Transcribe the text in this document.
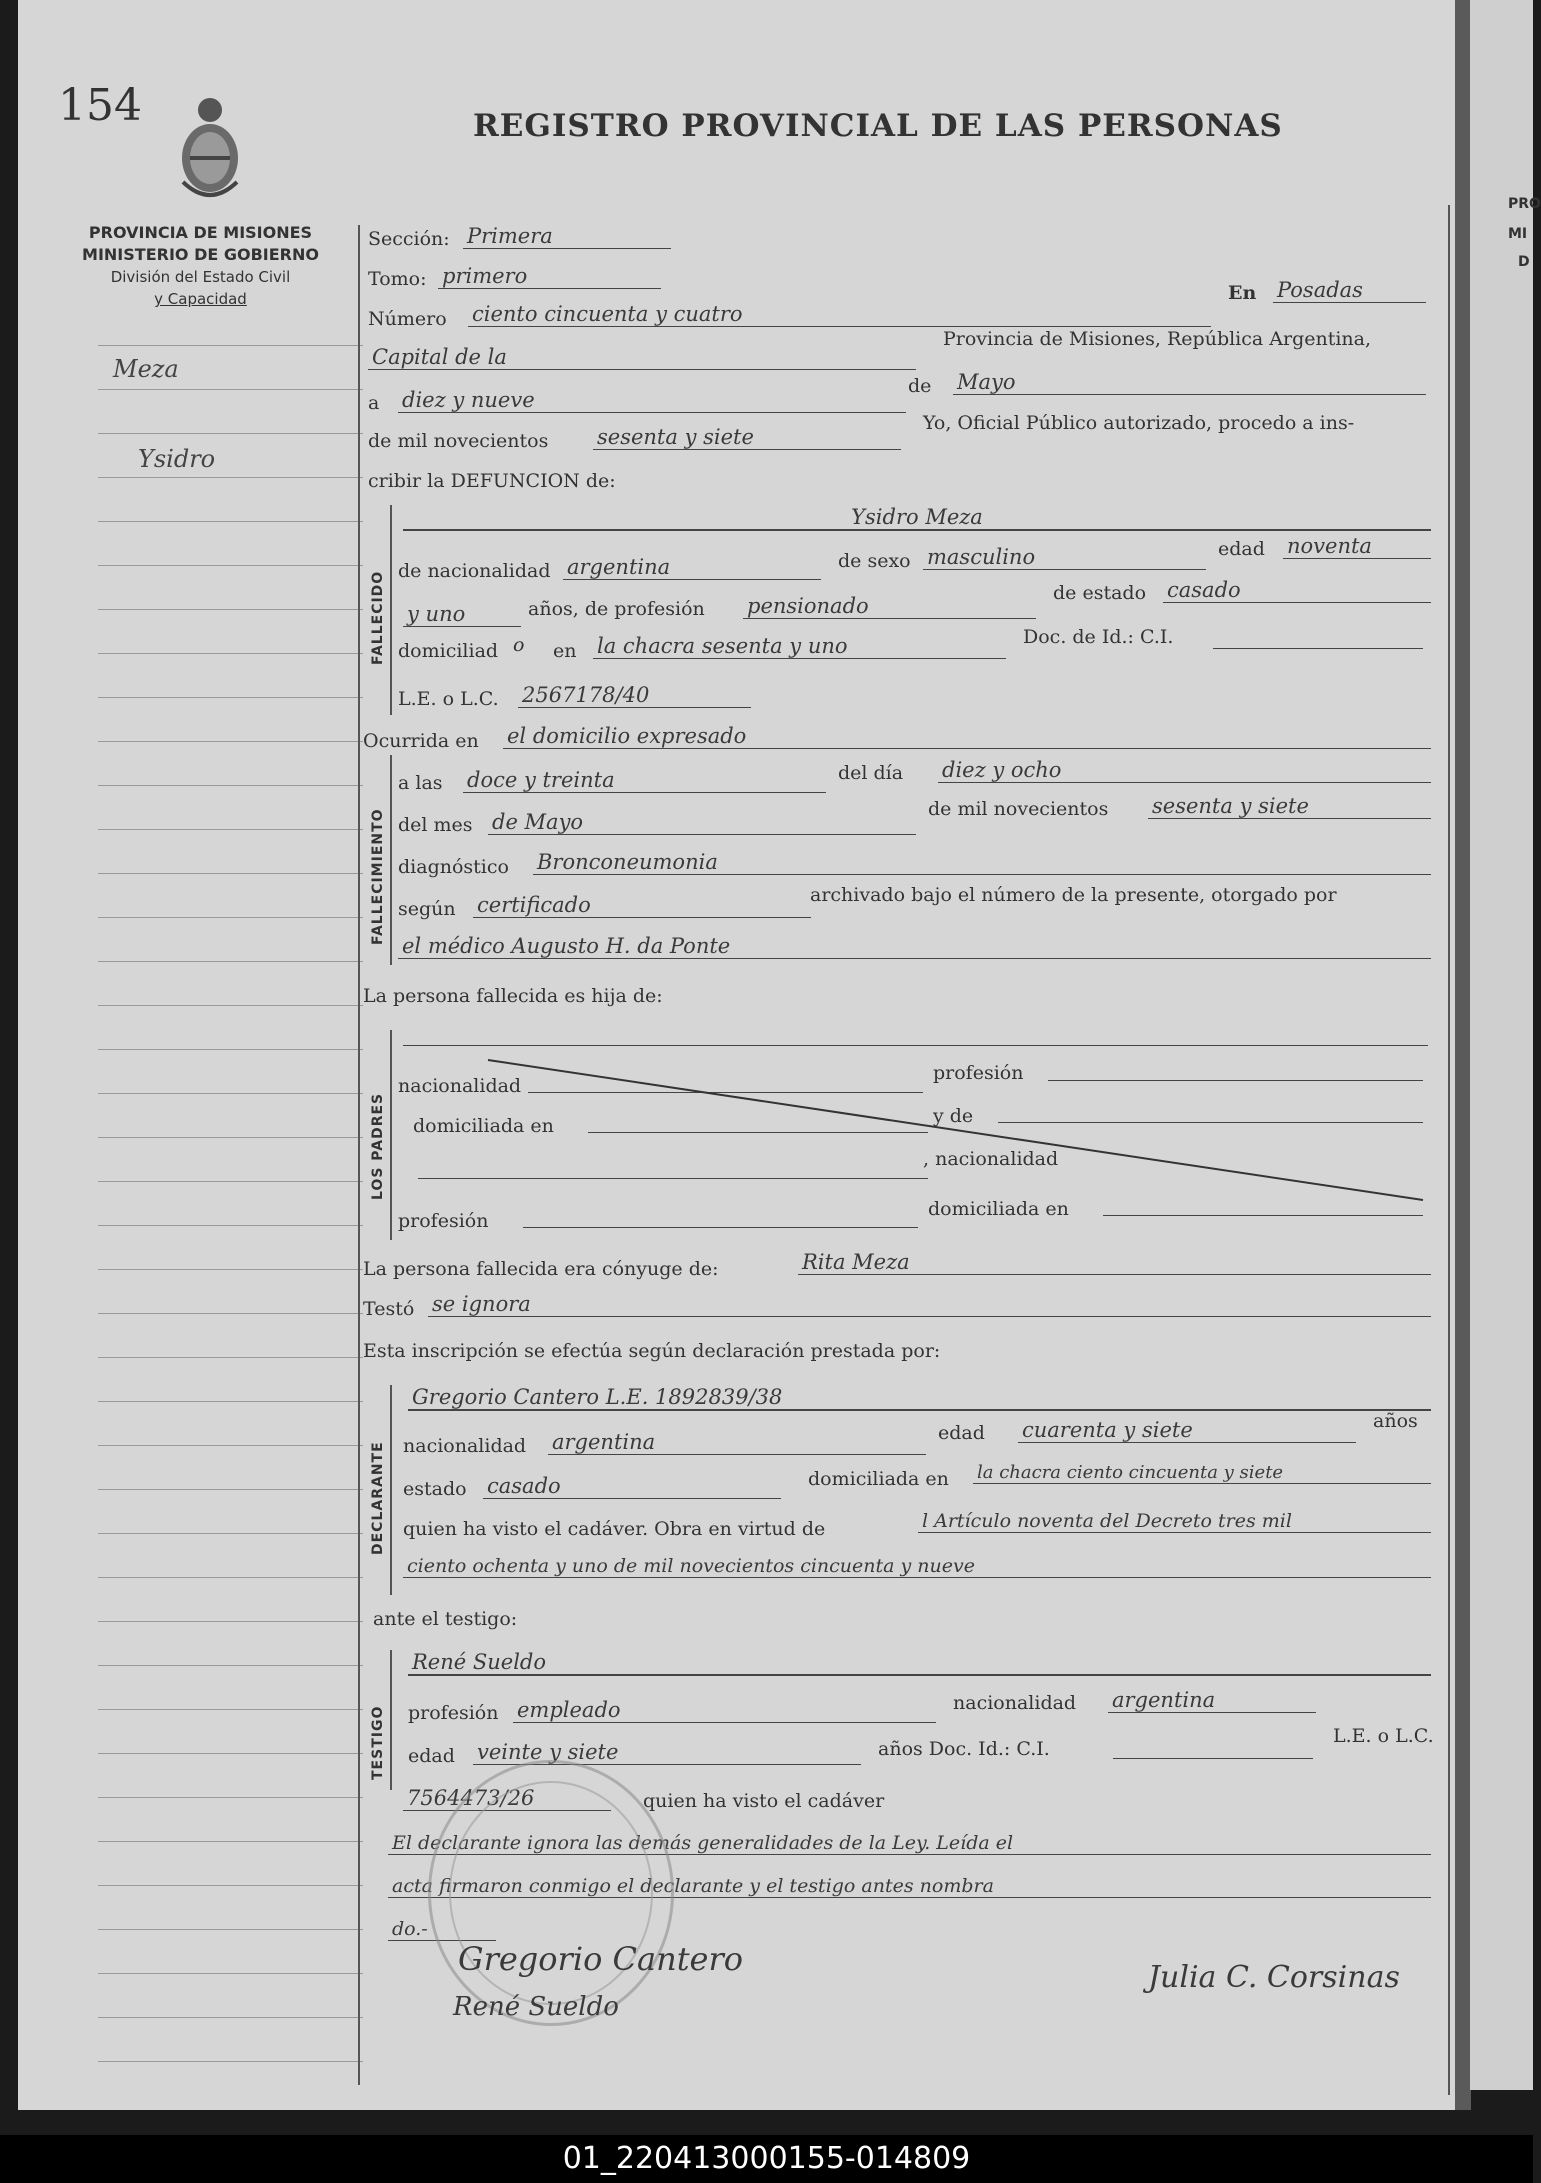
154	REGISTRO PROVINCIAL DE LAS PERSONAS
PROVINCIA DE MISIONES
MINISTERIO DE GOBIERNO
División del Estado Civil
y Capacidad
Meza
Ysidro
Sección: Primera
Tomo: primero
Número ciento cincuenta y cuatro
En Posadas
Provincia de Misiones, República Argentina,
Capital de la
a diez y nueve
de Mayo
de mil novecientos sesenta y siete
Yo, Oficial Público autorizado, procedo a ins-
cribir la DEFUNCION de:
FALLECIDO
Ysidro Meza
de nacionalidad argentina	de sexo masculino	edad noventa
y uno	años, de profesión pensionado
de estado casado
domiciliad o en la chacra sesenta y uno	Doc. de Id.: C.I.
L.E. o L.C. 2567178/40
Ocurrida en el domicilio expresado
FALLECIMIENTO
a las doce y treinta	del día diez y ocho
del mes de Mayo
de mil novecientos sesenta y siete
diagnóstico Bronconeumonia
según certificado	archivado bajo el número de la presente, otorgado por
el médico Augusto H. da Ponte
La persona fallecida es hija de:
LOS PADRES
nacionalidad
profesión
domiciliada en	y de
, nacionalidad
profesión
domiciliada en
La persona fallecida era cónyuge de:	Rita Meza
Testó se ignora
Esta inscripción se efectúa según declaración prestada por:
DECLARANTE
Gregorio Cantero L.E. 1892839/38
nacionalidad argentina	edad cuarenta y siete	años
estado casado	domiciliada en la chacra ciento cincuenta y siete
quien ha visto el cadáver. Obra en virtud de	l Artículo noventa del Decreto tres mil
ciento ochenta y uno de mil novecientos cincuenta y nueve
ante el testigo:
TESTIGO
René Sueldo
profesión empleado	nacionalidad argentina
edad veinte y siete	años Doc. Id.: C.I.
L.E. o L.C.
7564473/26	quien ha visto el cadáver
El declarante ignora las demás generalidades de la Ley. Leída el
acta firmaron conmigo el declarante y el testigo antes nombra
do.-
Gregorio Cantero
René Sueldo
Julia C. Corsinas
PRO
MI
D
01_220413000155-014809
